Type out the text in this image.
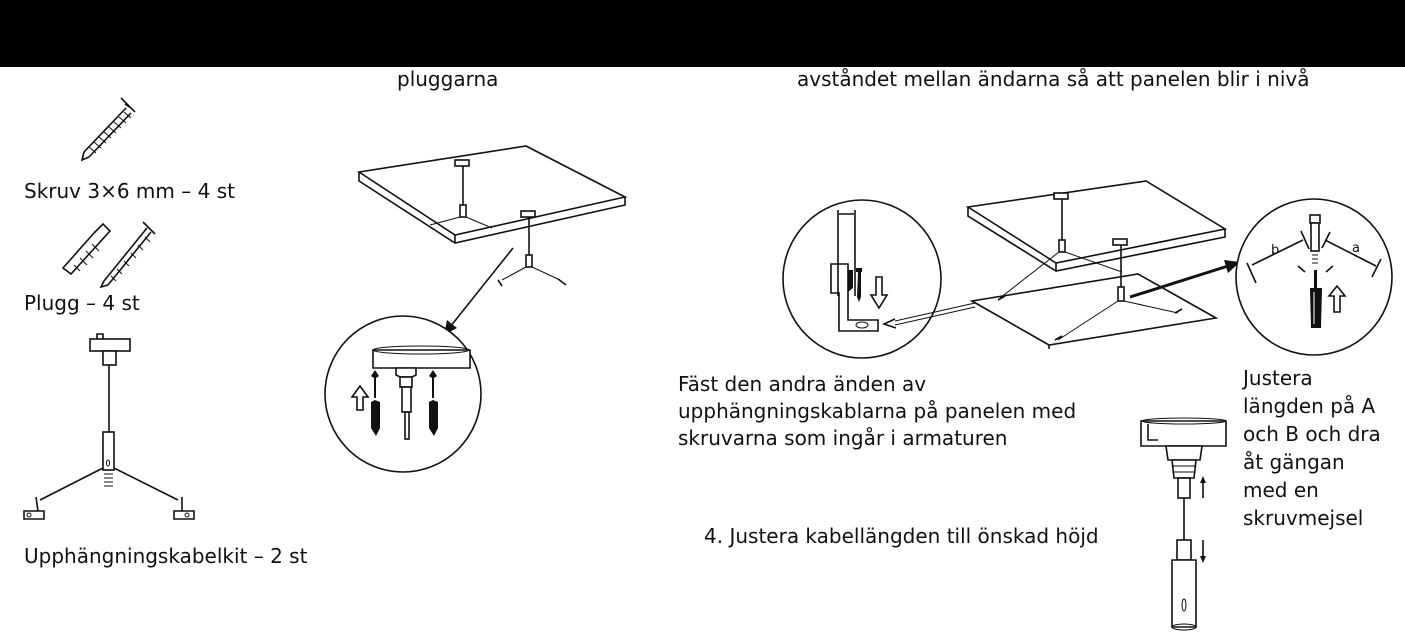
pluggarna	avståndet mellan ändarna så att panelen blir i nivå
Skruv 3×6 mm – 4 st
Plugg – 4 st
Upphängningskabelkit – 2 st
Fäst den andra änden av upphängningskablarna på panelen med skruvarna som ingår i armaturen
Justera längden på A och B och dra åt gängan med en skruvmejsel
4. Justera kabellängden till önskad höjd
b	a
